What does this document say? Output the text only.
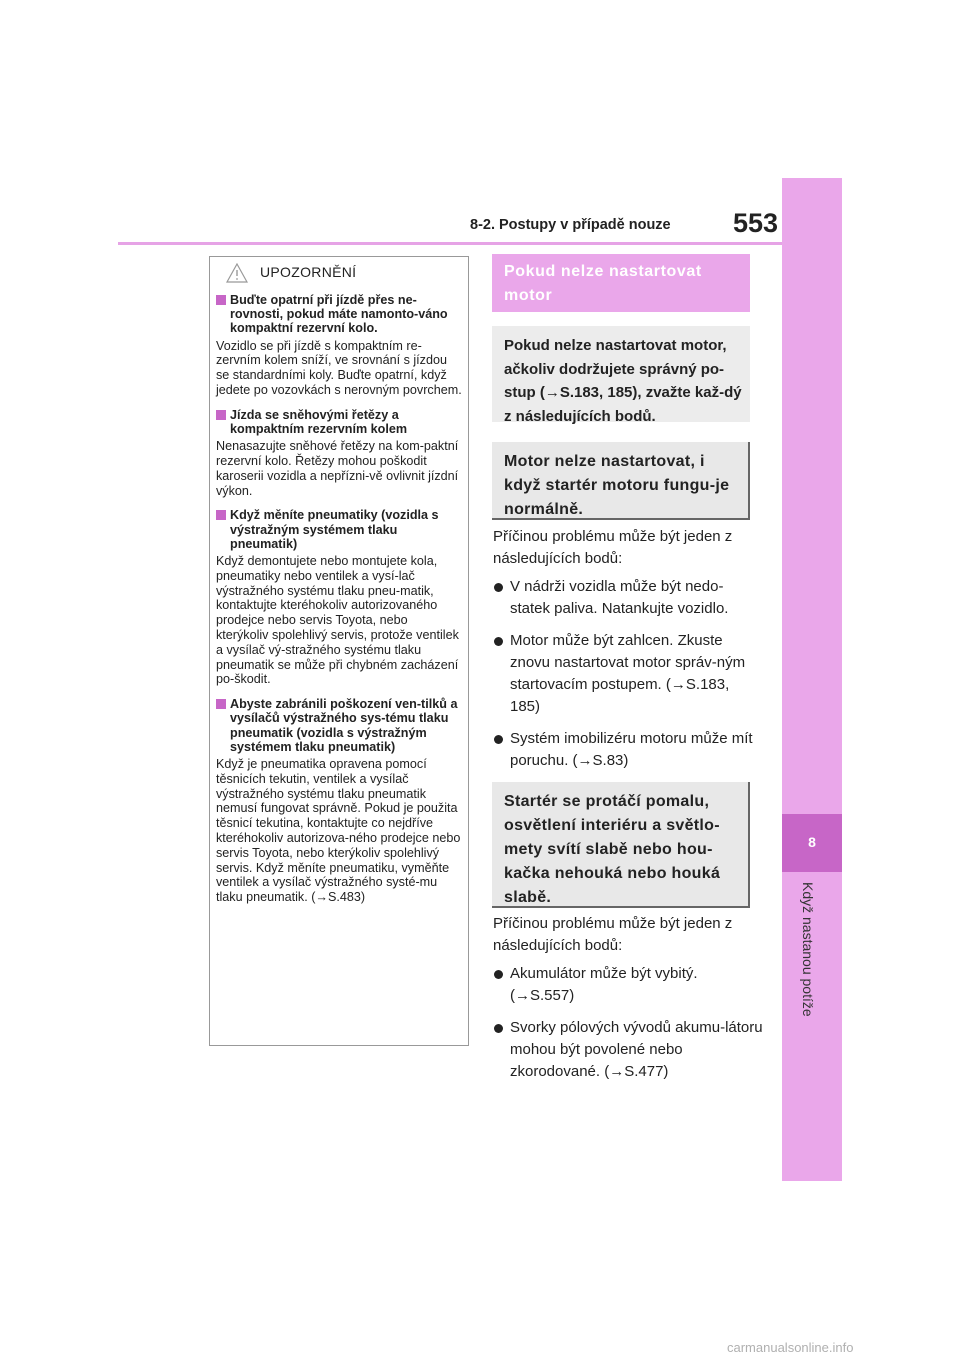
8-2. Postupy v případě nouze 553
8
Když nastanou potíže
UPOZORNĚNÍ
Buďte opatrní při jízdě přes ne-rovnosti, pokud máte namonto-váno kompaktní rezervní kolo.
Vozidlo se při jízdě s kompaktním re-zervním kolem sníží, ve srovnání s jízdou se standardními koly. Buďte opatrní, když jedete po vozovkách s nerovným povrchem.
Jízda se sněhovými řetězy a kompaktním rezervním kolem
Nenasazujte sněhové řetězy na kom-paktní rezervní kolo. Řetězy mohou poškodit karoserii vozidla a nepřízni-vě ovlivnit jízdní výkon.
Když měníte pneumatiky (vozidla s výstražným systémem tlaku pneumatik)
Když demontujete nebo montujete kola, pneumatiky nebo ventilek a vysí-lač výstražného systému tlaku pneu-matik, kontaktujte kteréhokoliv autorizovaného prodejce nebo servis Toyota, nebo kterýkoliv spolehlivý servis, protože ventilek a vysílač vý-stražného systému tlaku pneumatik se může při chybném zacházení po-škodit.
Abyste zabránili poškození ven-tilků a vysílačů výstražného sys-tému tlaku pneumatik (vozidla s výstražným systémem tlaku pneumatik)
Když je pneumatika opravena pomocí těsnicích tekutin, ventilek a vysílač výstražného systému tlaku pneumatik nemusí fungovat správně. Pokud je použita těsnicí tekutina, kontaktujte co nejdříve kteréhokoliv autorizova-ného prodejce nebo servis Toyota, nebo kterýkoliv spolehlivý servis. Když měníte pneumatiku, vyměňte ventilek a vysílač výstražného systé-mu tlaku pneumatik. (→S.483)
Pokud nelze nastartovat motor
Pokud nelze nastartovat motor, ačkoliv dodržujete správný po-stup (→S.183, 185), zvažte kaž-dý z následujících bodů.
Motor nelze nastartovat, i když startér motoru fungu-je normálně.
Příčinou problému může být jeden z následujících bodů:
V nádrži vozidla může být nedo-statek paliva. Natankujte vozidlo.
Motor může být zahlcen. Zkuste znovu nastartovat motor správ-ným startovacím postupem. (→S.183, 185)
Systém imobilizéru motoru může mít poruchu. (→S.83)
Startér se protáčí pomalu, osvětlení interiéru a světlo-mety svítí slabě nebo hou-kačka nehouká nebo houká slabě.
Příčinou problému může být jeden z následujících bodů:
Akumulátor může být vybitý. (→S.557)
Svorky pólových vývodů akumu-látoru mohou být povolené nebo zkorodované. (→S.477)
carmanualsonline.info
